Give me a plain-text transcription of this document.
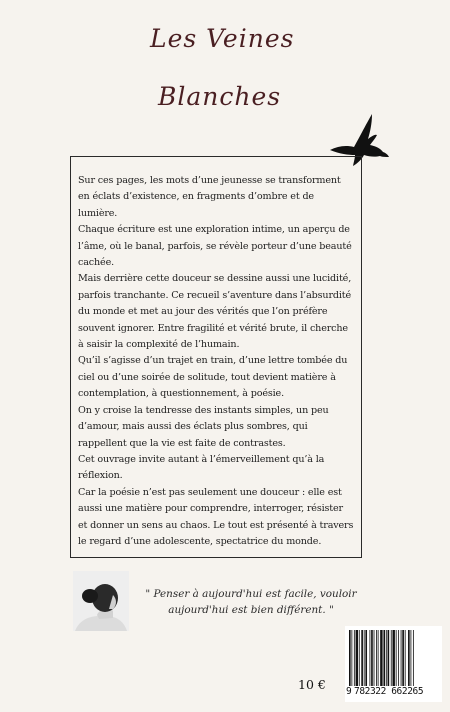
Les Veines
Blanches

Sur ces pages, les mots d’une jeunesse se transforment en éclats d’existence, en fragments d’ombre et de lumière.

Chaque écriture est une exploration intime, un aperçu de l’âme, où le banal, parfois, se révèle porteur d’une beauté cachée.

Mais derrière cette douceur se dessine aussi une lucidité, parfois tranchante. Ce recueil s’aventure dans l’absurdité du monde et met au jour des vérités que l’on préfère souvent ignorer. Entre fragilité et vérité brute, il cherche à saisir la complexité de l’humain.

Qu’il s’agisse d’un trajet en train, d’une lettre tombée du ciel ou d’une soirée de solitude, tout devient matière à contemplation, à questionnement, à poésie.

On y croise la tendresse des instants simples, un peu d’amour, mais aussi des éclats plus sombres, qui rappellent que la vie est faite de contrastes.

Cet ouvrage invite autant à l’émerveillement qu’à la réflexion.

Car la poésie n’est pas seulement une douceur : elle est aussi une matière pour comprendre, interroger, résister et donner un sens au chaos. Le tout est présenté à travers le regard d’une adolescente, spectatrice du monde.

" Penser à aujourd'hui est facile, vouloir aujourd'hui est bien différent. "
10 € 9 782322 662265
